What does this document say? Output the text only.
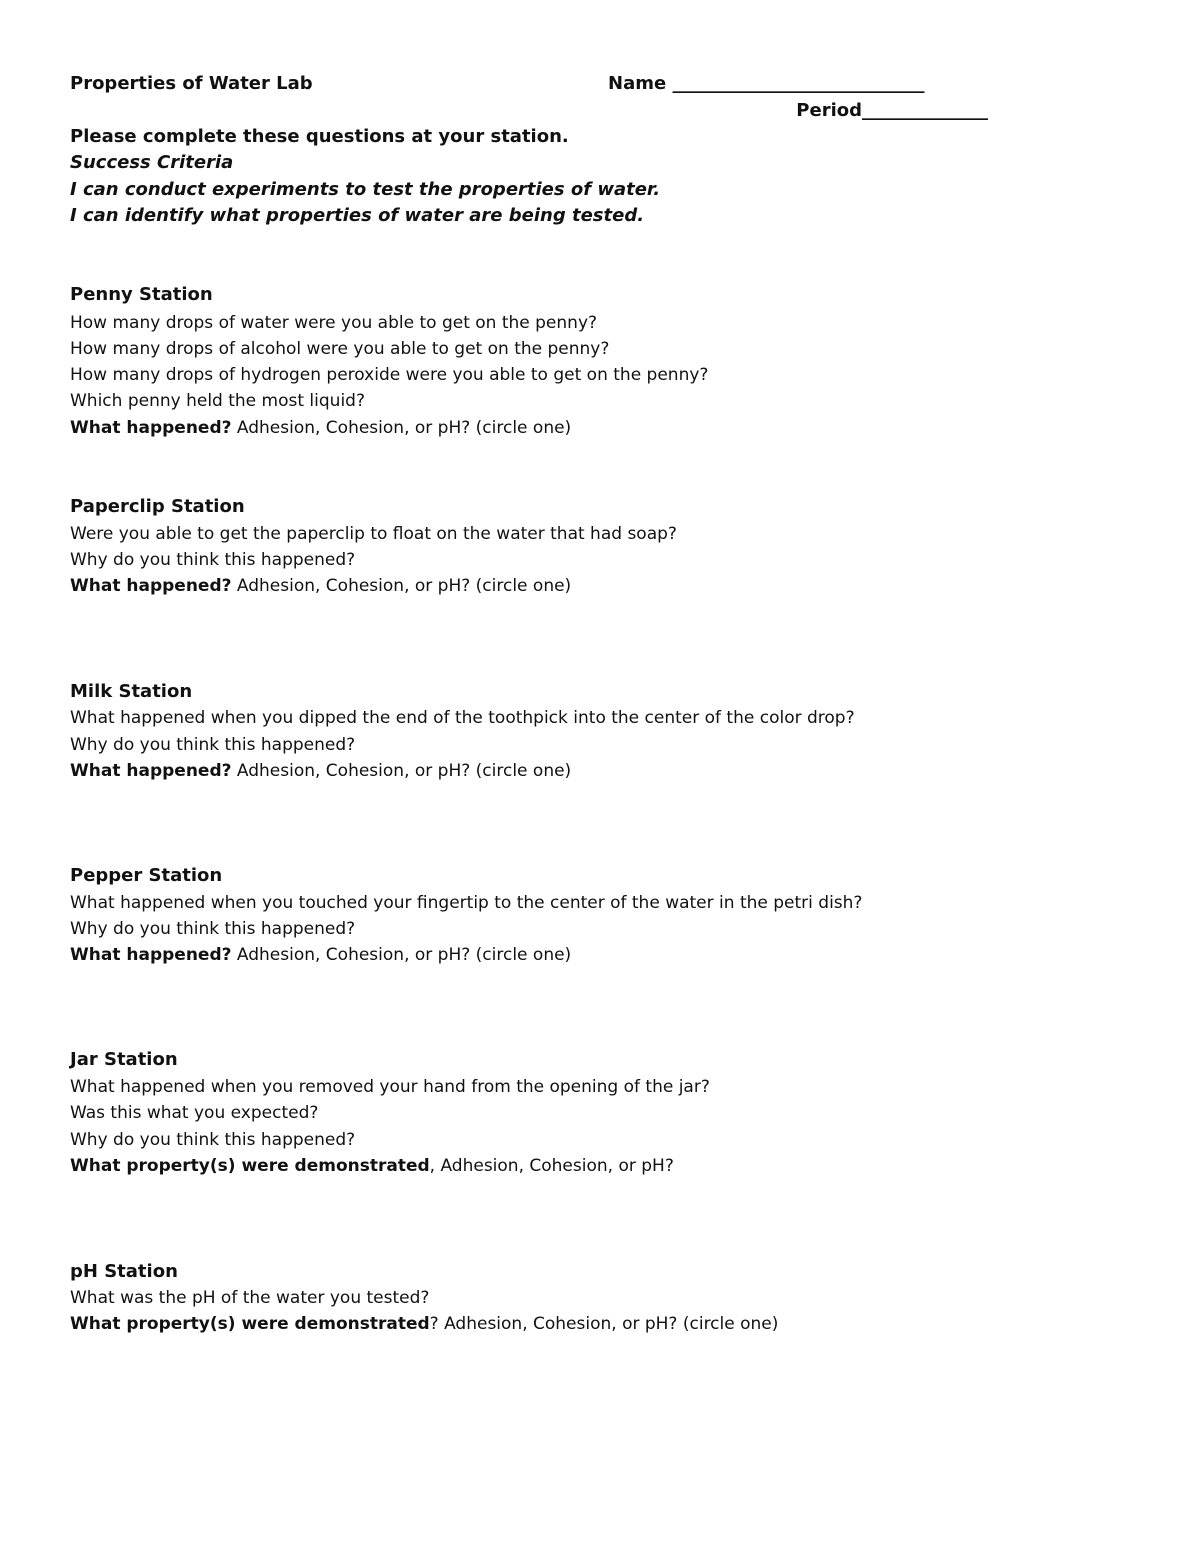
Properties of Water Lab	Name ____________________________
Period______________
Please complete these questions at your station.
Success Criteria
I can conduct experiments to test the properties of water.
I can identify what properties of water are being tested.
Penny Station
How many drops of water were you able to get on the penny?
How many drops of alcohol were you able to get on the penny?
How many drops of hydrogen peroxide were you able to get on the penny?
Which penny held the most liquid?
What happened? Adhesion, Cohesion, or pH? (circle one)
Paperclip Station
Were you able to get the paperclip to float on the water that had soap?
Why do you think this happened?
What happened? Adhesion, Cohesion, or pH? (circle one)
Milk Station
What happened when you dipped the end of the toothpick into the center of the color drop?
Why do you think this happened?
What happened? Adhesion, Cohesion, or pH? (circle one)
Pepper Station
What happened when you touched your fingertip to the center of the water in the petri dish?
Why do you think this happened?
What happened? Adhesion, Cohesion, or pH? (circle one)
Jar Station
What happened when you removed your hand from the opening of the jar?
Was this what you expected?
Why do you think this happened?
What property(s) were demonstrated, Adhesion, Cohesion, or pH?
pH Station
What was the pH of the water you tested?
What property(s) were demonstrated? Adhesion, Cohesion, or pH? (circle one)
